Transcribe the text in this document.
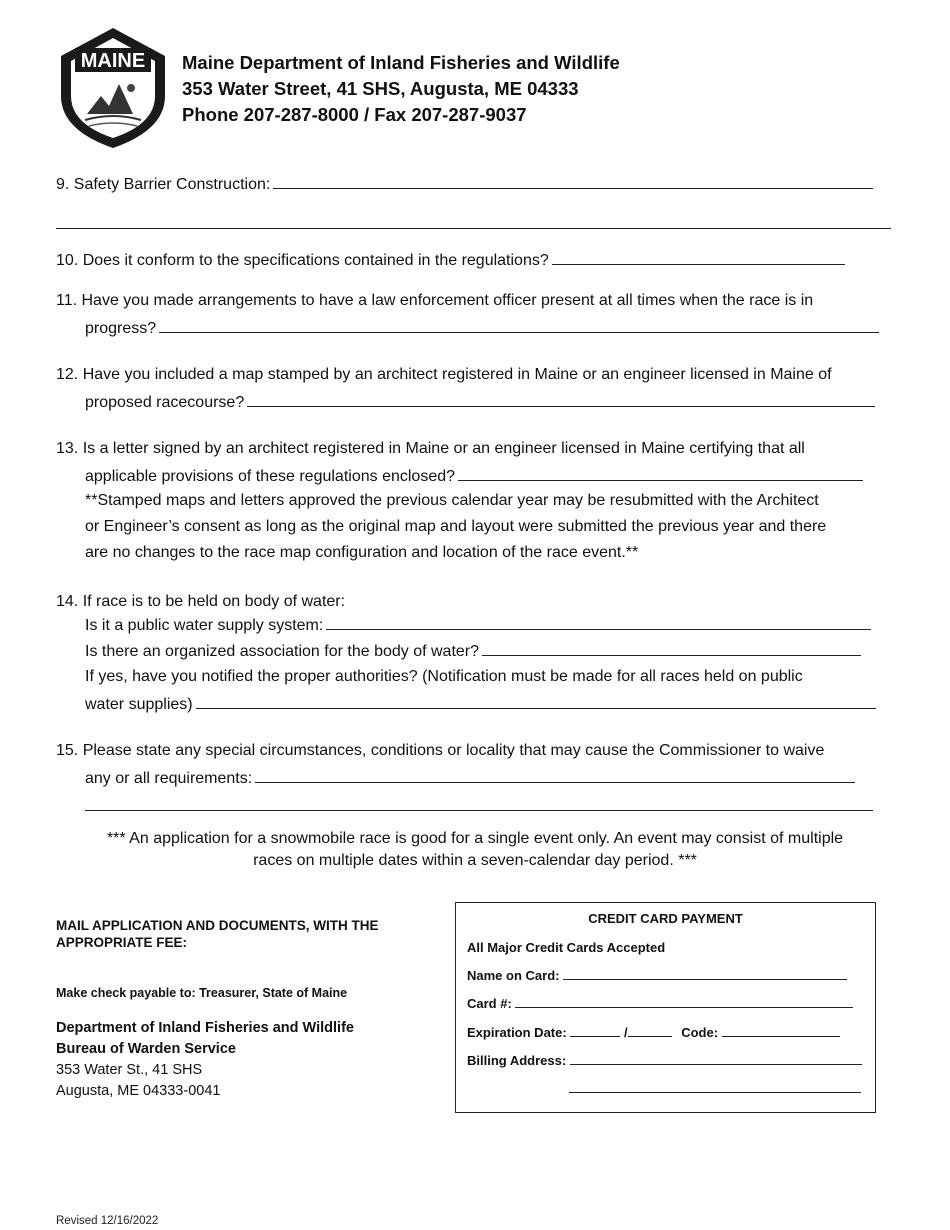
MAINE Maine Department of Inland Fisheries and Wildlife
353 Water Street, 41 SHS, Augusta, ME 04333
Phone 207-287-8000 / Fax 207-287-9037
9. Safety Barrier Construction:
10. Does it conform to the specifications contained in the regulations?
11. Have you made arrangements to have a law enforcement officer present at all times when the race is in
progress?
12. Have you included a map stamped by an architect registered in Maine or an engineer licensed in Maine of
proposed racecourse?
13. Is a letter signed by an architect registered in Maine or an engineer licensed in Maine certifying that all
applicable provisions of these regulations enclosed?
**Stamped maps and letters approved the previous calendar year may be resubmitted with the Architect
or Engineer’s consent as long as the original map and layout were submitted the previous year and there
are no changes to the race map configuration and location of the race event.**
14. If race is to be held on body of water:
Is it a public water supply system:
Is there an organized association for the body of water?
If yes, have you notified the proper authorities? (Notification must be made for all races held on public
water supplies)
15. Please state any special circumstances, conditions or locality that may cause the Commissioner to waive
any or all requirements:
*** An application for a snowmobile race is good for a single event only. An event may consist of multiple
races on multiple dates within a seven-calendar day period. ***
MAIL APPLICATION AND DOCUMENTS, WITH THE APPROPRIATE FEE:
Make check payable to: Treasurer, State of Maine
Department of Inland Fisheries and Wildlife
Bureau of Warden Service
353 Water St., 41 SHS
Augusta, ME 04333-0041
CREDIT CARD PAYMENT
All Major Credit Cards Accepted
Name on Card:
Card #:
Expiration Date:	/	Code:
Billing Address:
Revised 12/16/2022
